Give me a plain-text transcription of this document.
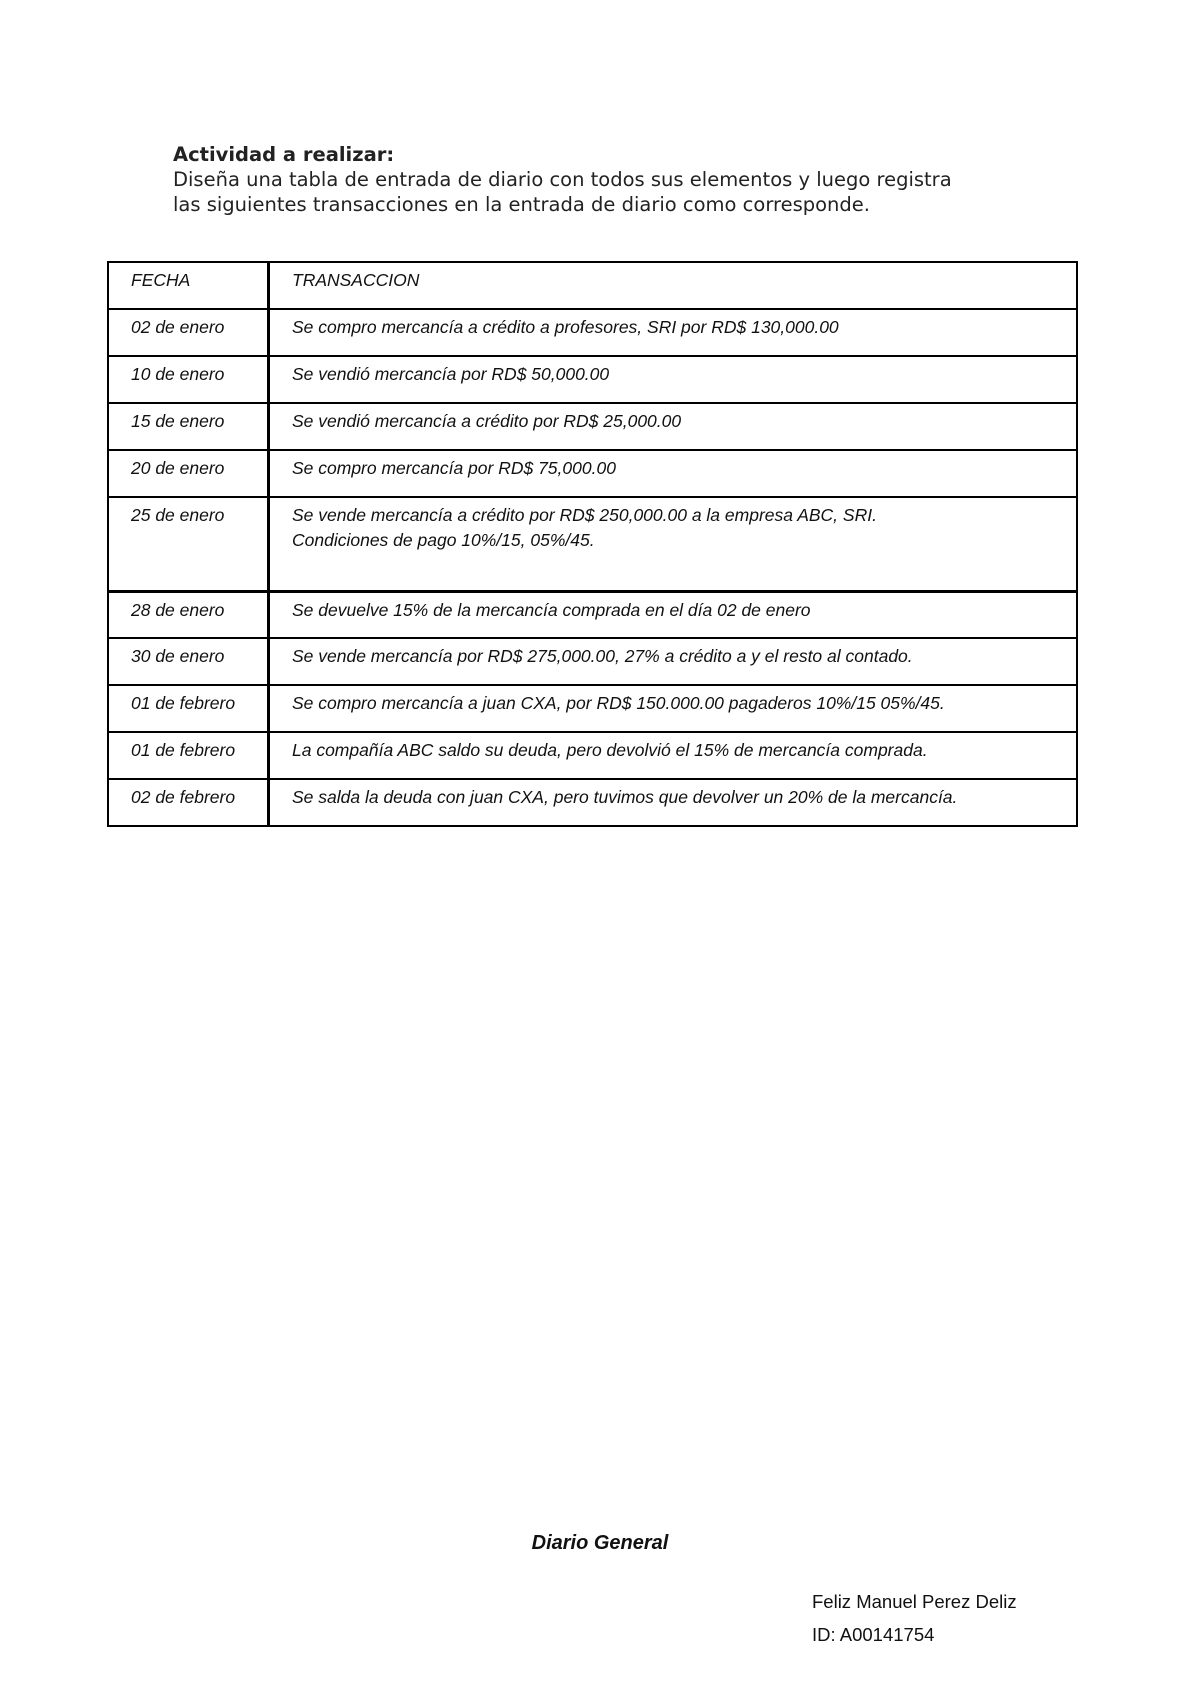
Actividad a realizar:
Diseña una tabla de entrada de diario con todos sus elementos y luego registra
las siguientes transacciones en la entrada de diario como corresponde.
FECHA	TRANSACCION
02 de enero	Se compro mercancía a crédito a profesores, SRI por RD$ 130,000.00
10 de enero	Se vendió mercancía por RD$ 50,000.00
15 de enero	Se vendió mercancía a crédito por RD$ 25,000.00
20 de enero	Se compro mercancía por RD$ 75,000.00
25 de enero	Se vende mercancía a crédito por RD$ 250,000.00 a la empresa ABC, SRI.
Condiciones de pago 10%/15, 05%/45.

28 de enero	Se devuelve 15% de la mercancía comprada en el día 02 de enero
30 de enero	Se vende mercancía por RD$ 275,000.00, 27% a crédito a y el resto al contado.
01 de febrero	Se compro mercancía a juan CXA, por RD$ 150.000.00 pagaderos 10%/15 05%/45.
01 de febrero	La compañía ABC saldo su deuda, pero devolvió el 15% de mercancía comprada.
02 de febrero	Se salda la deuda con juan CXA, pero tuvimos que devolver un 20% de la mercancía.
Diario General
Feliz Manuel Perez Deliz
ID: A00141754
